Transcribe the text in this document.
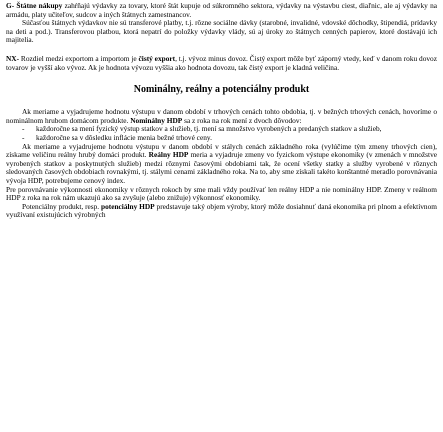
G- Štátne nákupy zahŕňajú výdavky za tovary, ktoré štát kupuje od súkromného sektora, výdavky na výstavbu ciest, diaľnic, ale aj výdavky na armádu, platy učiteľov, sudcov a iných štátnych zamestnancov.

Súčasťou štátnych výdavkov nie sú transferové platby, t.j. rôzne sociálne dávky (starobné, invalidné, vdovské dôchodky, štipendiá, prídavky na deti a pod.). Transferovou platbou, ktorá nepatrí do položky výdavky vlády, sú aj úroky zo štátnych cenných papierov, ktoré dostávajú ich majitelia.

NX- Rozdiel medzi exportom a importom je čistý export, t.j. vývoz minus dovoz. Čistý export môže byť záporný vtedy, keď v danom roku dovoz tovarov je vyšší ako vývoz. Ak je hodnota vývozu vyššia ako hodnota dovozu, tak čistý export je kladná veličina.

Nominálny, reálny a potenciálny produkt

Ak meriame a vyjadrujeme hodnotu výstupu v danom období v trhových cenách tohto obdobia, tj. v bežných trhových cenách, hovoríme o nominálnom hrubom domácom produkte. Nominálny HDP sa z roka na rok mení z dvoch dôvodov:

- každoročne sa mení fyzický výstup statkov a služieb, tj. mení sa množstvo vyrobených a predaných statkov a služieb,
- každoročne sa v dôsledku inflácie menia bežné trhové ceny.

Ak meriame a vyjadrujeme hodnotu výstupu v danom období v stálych cenách základného roka (vylúčime tým zmeny trhových cien), získame veličinu reálny hrubý domáci produkt. Reálny HDP meria a vyjadruje zmeny vo fyzickom výstupe ekonomiky (v zmenách v množstve vyrobených statkov a poskytnutých služieb) medzi rôznymi časovými obdobiami tak, že ocení všetky statky a služby vyrobené v rôznych sledovaných časových obdobiach rovnakými, tj. stálymi cenami základného roka. Na to, aby sme získali takéto konštantné meradlo porovnávania vývoja HDP, potrebujeme cenový index.

Pre porovnávanie výkonnosti ekonomiky v rôznych rokoch by sme mali vždy používať len reálny HDP a nie nominálny HDP. Zmeny v reálnom HDP z roka na rok nám ukazujú ako sa zvyšuje (alebo znižuje) výkonnosť ekonomiky.

Potenciálny produkt, resp. potenciálny HDP predstavuje taký objem výroby, ktorý môže dosiahnuť daná ekonomika pri plnom a efektívnom využívaní existujúcich výrobných
